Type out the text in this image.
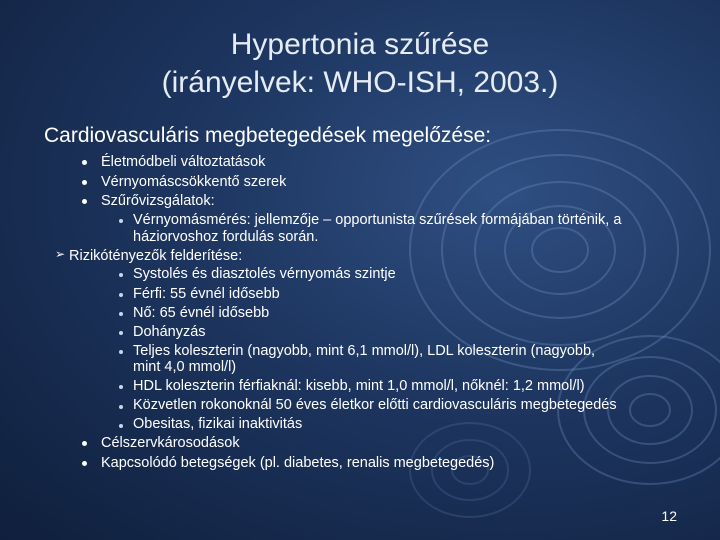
Hypertonia szűrése
(irányelvek: WHO-ISH, 2003.)
Cardiovasculáris megbetegedések megelőzése:
Életmódbeli változtatások
Vérnyomáscsökkentő szerek
Szűrővizsgálatok:
Vérnyomásmérés: jellemzője – opportunista szűrések formájában történik, a
háziorvoshoz fordulás során.
➢ Rizikótényezők felderítése:
Systolés és diasztolés vérnyomás szintje
Férfi: 55 évnél idősebb
Nő: 65 évnél idősebb
Dohányzás
Teljes koleszterin (nagyobb, mint 6,1 mmol/l), LDL koleszterin (nagyobb,
mint 4,0 mmol/l)
HDL koleszterin férfiaknál: kisebb, mint 1,0 mmol/l, nőknél: 1,2 mmol/l)
Közvetlen rokonoknál 50 éves életkor előtti cardiovasculáris megbetegedés
Obesitas, fizikai inaktivitás
Célszervkárosodások
Kapcsolódó betegségek (pl. diabetes, renalis megbetegedés)
12
